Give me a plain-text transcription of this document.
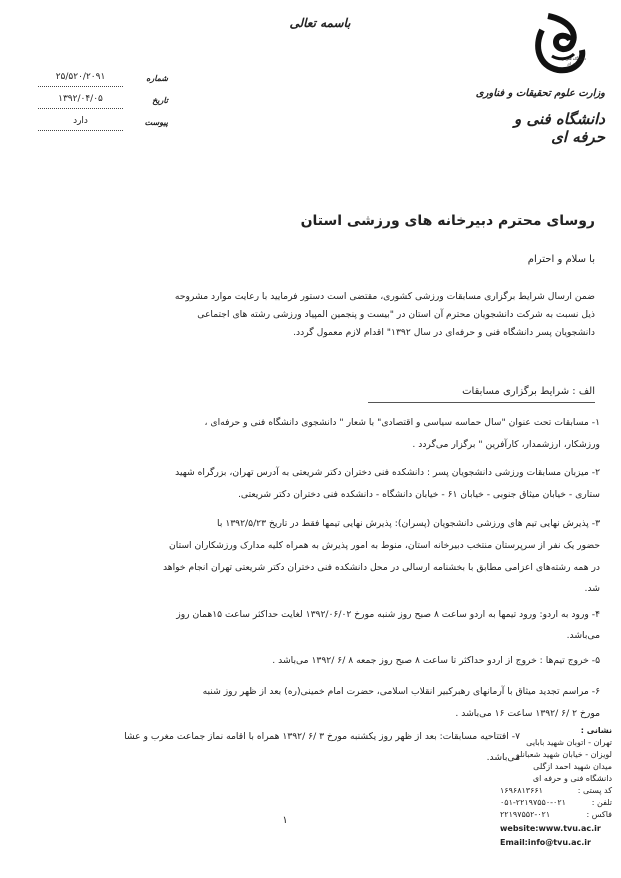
باسمه تعالی
دانشگاه فنی و حرفه ای
وزارت علوم تحقیقات و فناوری
دانشگاه فنی و حرفه ای
۲۵/۵۲۰/۲۰۹۱	شماره
۱۳۹۲/۰۴/۰۵	تاریخ
دارد	پیوست
روسای محترم دبیرخانه های ورزشی استان
با سلام و احترام
ضمن ارسال شرایط برگزاری مسابقات ورزشی کشوری، مقتضی است دستور فرمایید با رعایت موارد مشروحه
ذیل نسبت به شرکت دانشجویان محترم آن استان در "بیست و پنجمین المپیاد ورزشی رشته های اجتماعی
دانشجویان پسر دانشگاه فنی و حرفه‌ای در سال ۱۳۹۲" اقدام لازم معمول گردد.
الف : شرایط برگزاری مسابقات
۱- مسابقات تحت عنوان "سال حماسه سیاسی و اقتصادی" با شعار " دانشجوی دانشگاه فنی و حرفه‌ای ،
ورزشکار، ارزشمدار، کارآفرین " برگزار می‌گردد .
۲- میزبان مسابقات ورزشی دانشجویان پسر : دانشکده فنی دختران دکتر شریعتی به آدرس تهران، بزرگراه شهید
ستاری - خیابان میثاق جنوبی - خیابان ۶۱ - خیابان دانشگاه - دانشکده فنی دختران دکتر شریعتی.
۳- پذیرش نهایی تیم های ورزشی دانشجویان (پسران): پذیرش نهایی تیمها فقط در تاریخ ۱۳۹۲/۵/۲۳ با
حضور یک نفر از سرپرستان منتخب دبیرخانه استان، منوط به امور پذیرش به همراه کلیه مدارک ورزشکاران استان
در همه رشته‌های اعزامی مطابق با بخشنامه ارسالی در محل دانشکده فنی دختران دکتر شریعتی تهران انجام خواهد
شد.
۴- ورود به اردو: ورود تیمها به اردو ساعت ۸ صبح روز شنبه مورخ ۱۳۹۲/۰۶/۰۲ لغایت حداکثر ساعت ۱۵همان روز
می‌باشد.
۵- خروج تیم‌ها : خروج از اردو حداکثر تا ساعت ۸ صبح روز جمعه ۸ /۶ /۱۳۹۲ می‌باشد .
۶- مراسم تجدید میثاق با آرمانهای رهبرکبیر انقلاب اسلامی، حضرت امام خمینی(ره) بعد از ظهر روز شنبه
مورخ ۲ /۶ /۱۳۹۲ ساعت ۱۶ می‌باشد .
۷- افتتاحیه مسابقات: بعد از ظهر روز یکشنبه مورخ ۳ /۶ /۱۳۹۲ همراه با اقامه نماز جماعت مغرب و عشا
می‌باشد.
۱
نشانی :
تهران - اتوبان شهید بابایی
لویزان - خیابان شهید شعبانلو
میدان شهید احمد ازگلی
دانشگاه فنی و حرفه ای
کد پستی :
۱۶۹۶۸۱۳۶۶۱
تلفن :
۰۵۱-۲۲۱۹۷۵۵۰-۰۲۱
فاکس :
۲۲۱۹۷۵۵۲-۰۲۱
website:www.tvu.ac.ir
Email:info@tvu.ac.ir
